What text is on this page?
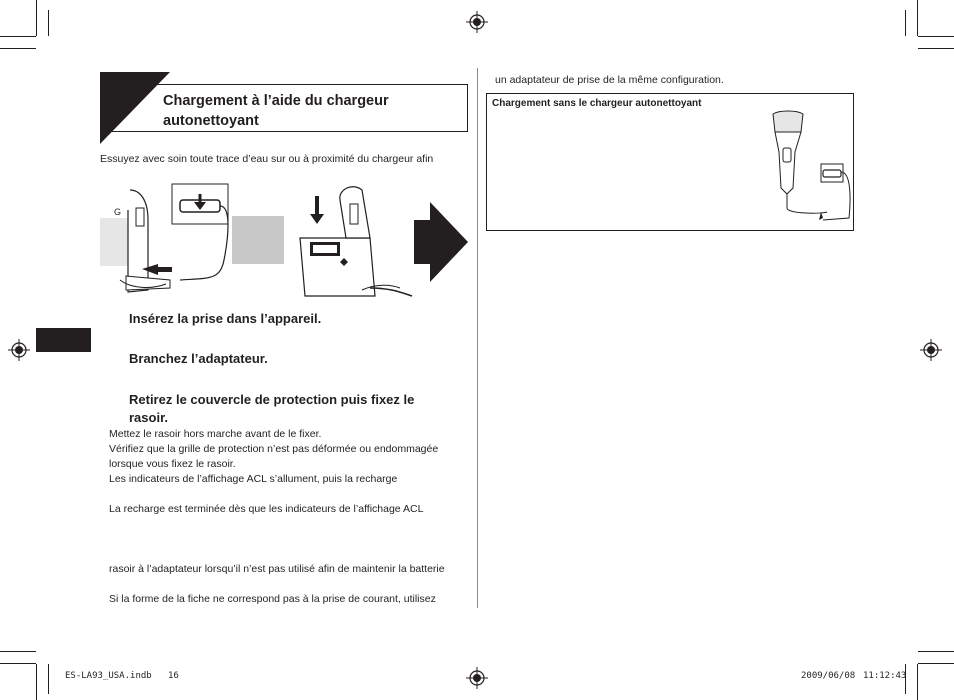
Chargement à l’aide du chargeur
autonettoyant
Essuyez avec soin toute trace d’eau sur ou à proximité du chargeur afin
G
Insérez la prise dans l’appareil.
Branchez l’adaptateur.
Retirez le couvercle de protection puis fixez le
rasoir.
Mettez le rasoir hors marche avant de le fixer.
Vérifiez que la grille de protection n’est pas déformée ou endommagée
lorsque vous fixez le rasoir.
Les indicateurs de l’affichage ACL s’allument, puis la recharge
La recharge est terminée dès que les indicateurs de l’affichage ACL
rasoir à l’adaptateur lorsqu’il n’est pas utilisé afin de maintenir la batterie
Si la forme de la fiche ne correspond pas à la prise de courant, utilisez
un adaptateur de prise de la même configuration.
Chargement sans le chargeur autonettoyant
ES-LA93_USA.indb   16	2009/06/08 11:12:43
